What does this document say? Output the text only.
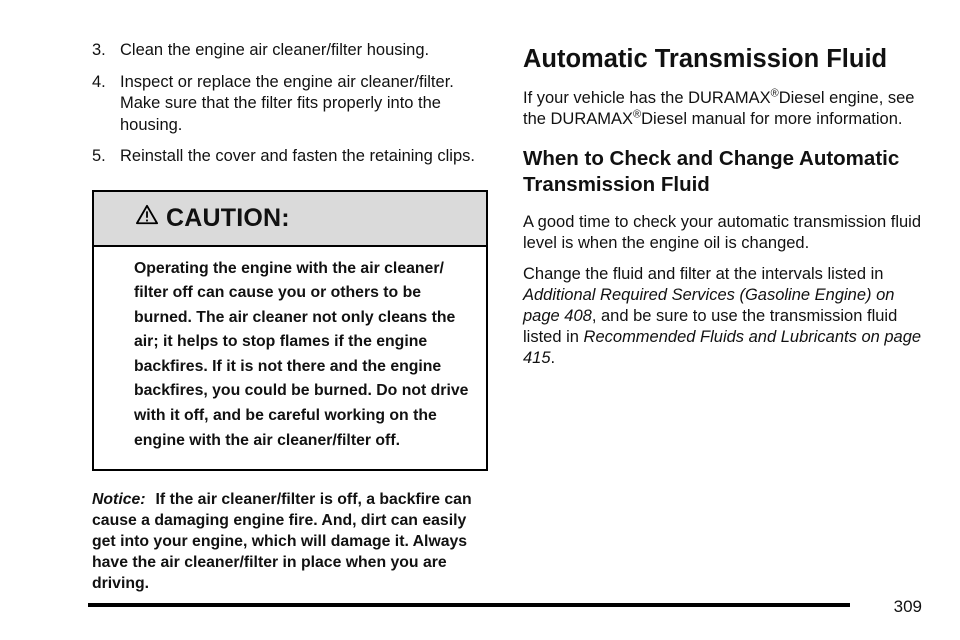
3. Clean the engine air cleaner/filter housing.
4. Inspect or replace the engine air cleaner/filter. Make sure that the filter fits properly into the housing.
5. Reinstall the cover and fasten the retaining clips.
CAUTION:
Operating the engine with the air cleaner/ filter off can cause you or others to be burned. The air cleaner not only cleans the air; it helps to stop flames if the engine backfires. If it is not there and the engine backfires, you could be burned. Do not drive with it off, and be careful working on the engine with the air cleaner/filter off.
Notice: If the air cleaner/filter is off, a backfire can cause a damaging engine fire. And, dirt can easily get into your engine, which will damage it. Always have the air cleaner/filter in place when you are driving.
Automatic Transmission Fluid

If your vehicle has the DURAMAX®Diesel engine, see the DURAMAX®Diesel manual for more information.

When to Check and Change Automatic Transmission Fluid

A good time to check your automatic transmission fluid level is when the engine oil is changed.

Change the fluid and filter at the intervals listed in Additional Required Services (Gasoline Engine) on page 408, and be sure to use the transmission fluid listed in Recommended Fluids and Lubricants on page 415.

309
